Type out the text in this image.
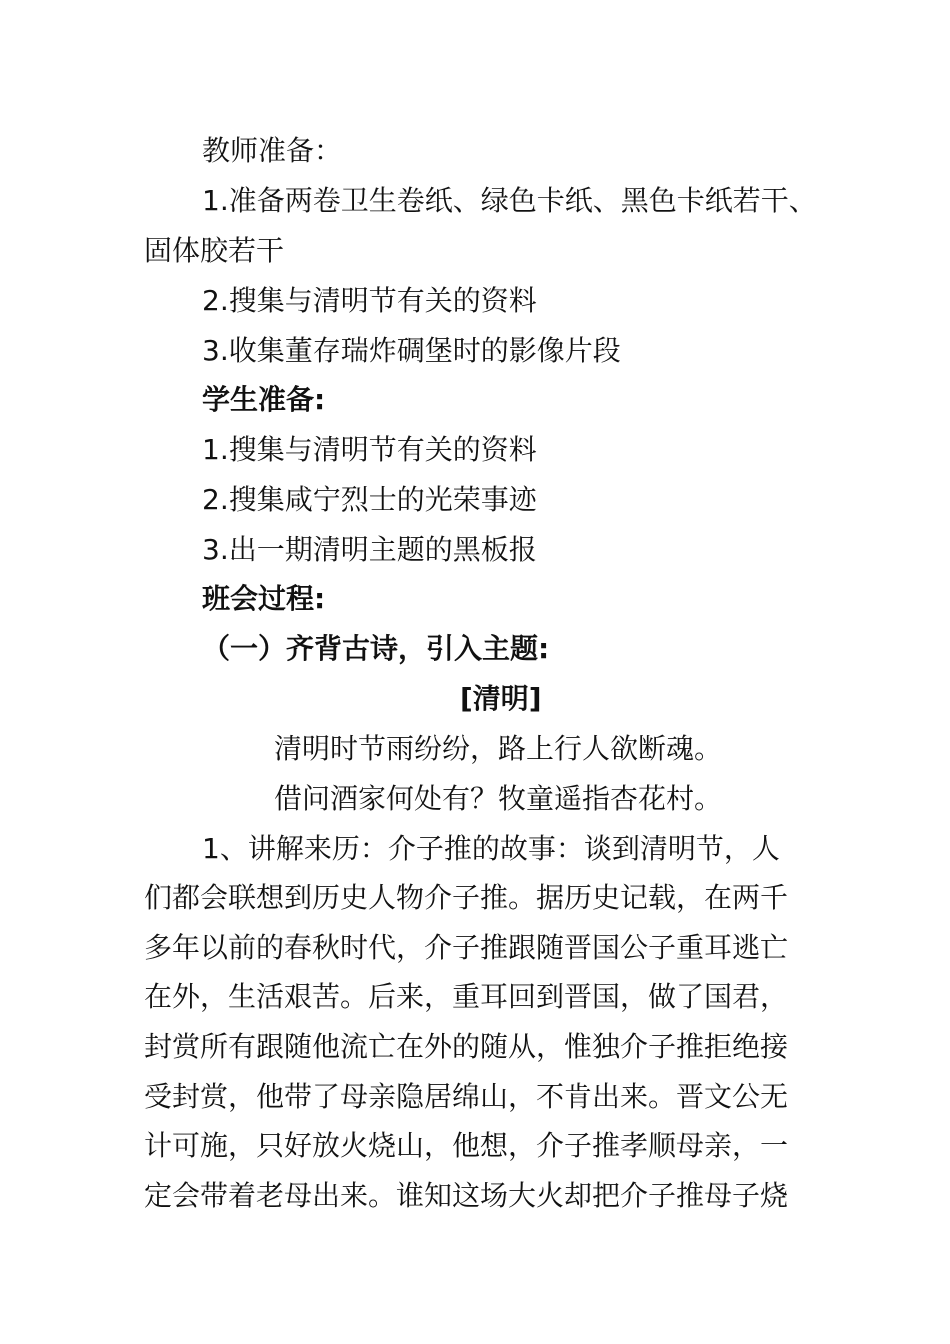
教师准备：
1.准备两卷卫生卷纸、绿色卡纸、黑色卡纸若干、
固体胶若干
2.搜集与清明节有关的资料
3.收集董存瑞炸碉堡时的影像片段
学生准备:
1.搜集与清明节有关的资料
2.搜集咸宁烈士的光荣事迹
3.出一期清明主题的黑板报
班会过程:
（一）齐背古诗，引入主题:
[清明]
清明时节雨纷纷，路上行人欲断魂。
借问酒家何处有？牧童遥指杏花村。
1、讲解来历：介子推的故事：谈到清明节，人
们都会联想到历史人物介子推。据历史记载，在两千
多年以前的春秋时代，介子推跟随晋国公子重耳逃亡
在外，生活艰苦。后来，重耳回到晋国，做了国君，
封赏所有跟随他流亡在外的随从，惟独介子推拒绝接
受封赏，他带了母亲隐居绵山，不肯出来。晋文公无
计可施，只好放火烧山，他想，介子推孝顺母亲，一
定会带着老母出来。谁知这场大火却把介子推母子烧
